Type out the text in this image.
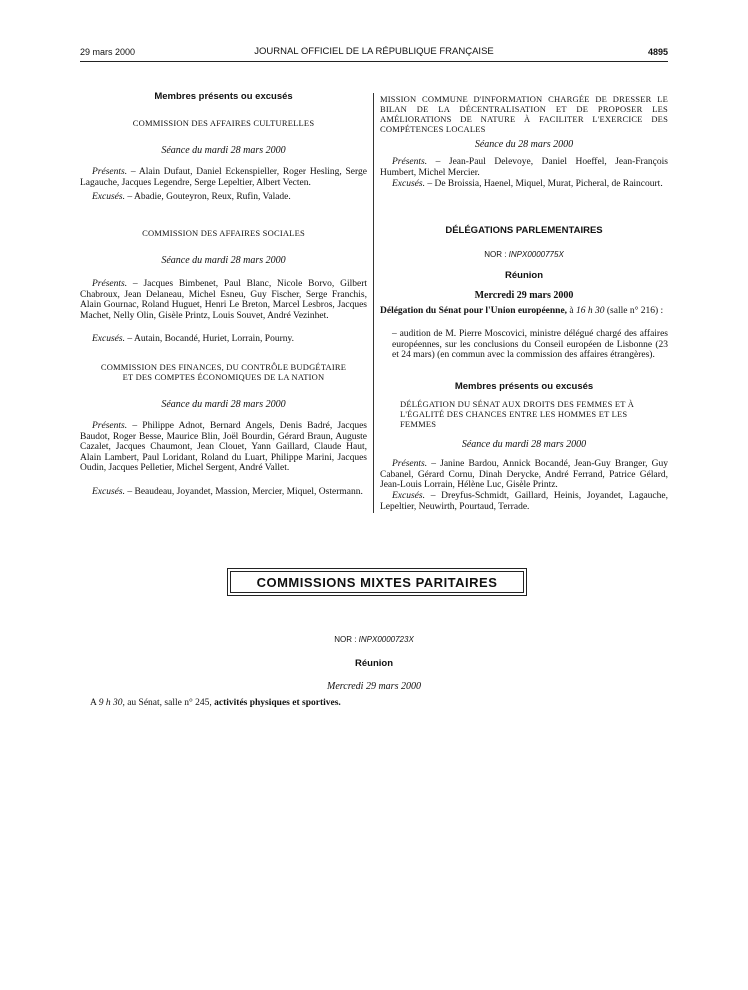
29 mars 2000	JOURNAL OFFICIEL DE LA RÉPUBLIQUE FRANÇAISE	4895

Membres présents ou excusés

COMMISSION DES AFFAIRES CULTURELLES

Séance du mardi 28 mars 2000

Présents. – Alain Dufaut, Daniel Eckenspieller, Roger Hesling, Serge Lagauche, Jacques Legendre, Serge Lepeltier, Albert Vecten.

Excusés. – Abadie, Gouteyron, Reux, Rufin, Valade.

COMMISSION DES AFFAIRES SOCIALES

Séance du mardi 28 mars 2000

Présents. – Jacques Bimbenet, Paul Blanc, Nicole Borvo, Gilbert Chabroux, Jean Delaneau, Michel Esneu, Guy Fischer, Serge Franchis, Alain Gournac, Roland Huguet, Henri Le Breton, Marcel Lesbros, Jacques Machet, Nelly Olin, Gisèle Printz, Louis Souvet, André Vezinhet.

Excusés. – Autain, Bocandé, Huriet, Lorrain, Pourny.

COMMISSION DES FINANCES, DU CONTRÔLE BUDGÉTAIRE

ET DES COMPTES ÉCONOMIQUES DE LA NATION

Séance du mardi 28 mars 2000

Présents. – Philippe Adnot, Bernard Angels, Denis Badré, Jacques Baudot, Roger Besse, Maurice Blin, Joël Bourdin, Gérard Braun, Auguste Cazalet, Jacques Chaumont, Jean Clouet, Yann Gaillard, Claude Haut, Alain Lambert, Paul Loridant, Roland du Luart, Philippe Marini, Jacques Oudin, Jacques Pelletier, Michel Sergent, André Vallet.

Excusés. – Beaudeau, Joyandet, Massion, Mercier, Miquel, Ostermann.

MISSION COMMUNE D'INFORMATION CHARGÉE DE DRESSER LE BILAN DE LA DÉCENTRALISATION ET DE PROPOSER LES AMÉLIORATIONS DE NATURE À FACILITER L'EXERCICE DES COMPÉTENCES LOCALES

Séance du 28 mars 2000

Présents. – Jean-Paul Delevoye, Daniel Hoeffel, Jean-François Humbert, Michel Mercier.

Excusés. – De Broissia, Haenel, Miquel, Murat, Picheral, de Raincourt.

DÉLÉGATIONS PARLEMENTAIRES

NOR : INPX0000775X

Réunion

Mercredi 29 mars 2000

Délégation du Sénat pour l'Union européenne, à 16 h 30 (salle n° 216) :

– audition de M. Pierre Moscovici, ministre délégué chargé des affaires européennes, sur les conclusions du Conseil européen de Lisbonne (23 et 24 mars) (en commun avec la commission des affaires étrangères).

Membres présents ou excusés

DÉLÉGATION DU SÉNAT AUX DROITS DES FEMMES ET À L'ÉGALITÉ DES CHANCES ENTRE LES HOMMES ET LES FEMMES

Séance du mardi 28 mars 2000

Présents. – Janine Bardou, Annick Bocandé, Jean-Guy Branger, Guy Cabanel, Gérard Cornu, Dinah Derycke, André Ferrand, Patrice Gélard, Jean-Louis Lorrain, Hélène Luc, Gisèle Printz.

Excusés. – Dreyfus-Schmidt, Gaillard, Heinis, Joyandet, Lagauche, Lepeltier, Neuwirth, Pourtaud, Terrade.

COMMISSIONS MIXTES PARITAIRES

NOR : INPX0000723X

Réunion

Mercredi 29 mars 2000

A 9 h 30, au Sénat, salle n° 245, activités physiques et sportives.
